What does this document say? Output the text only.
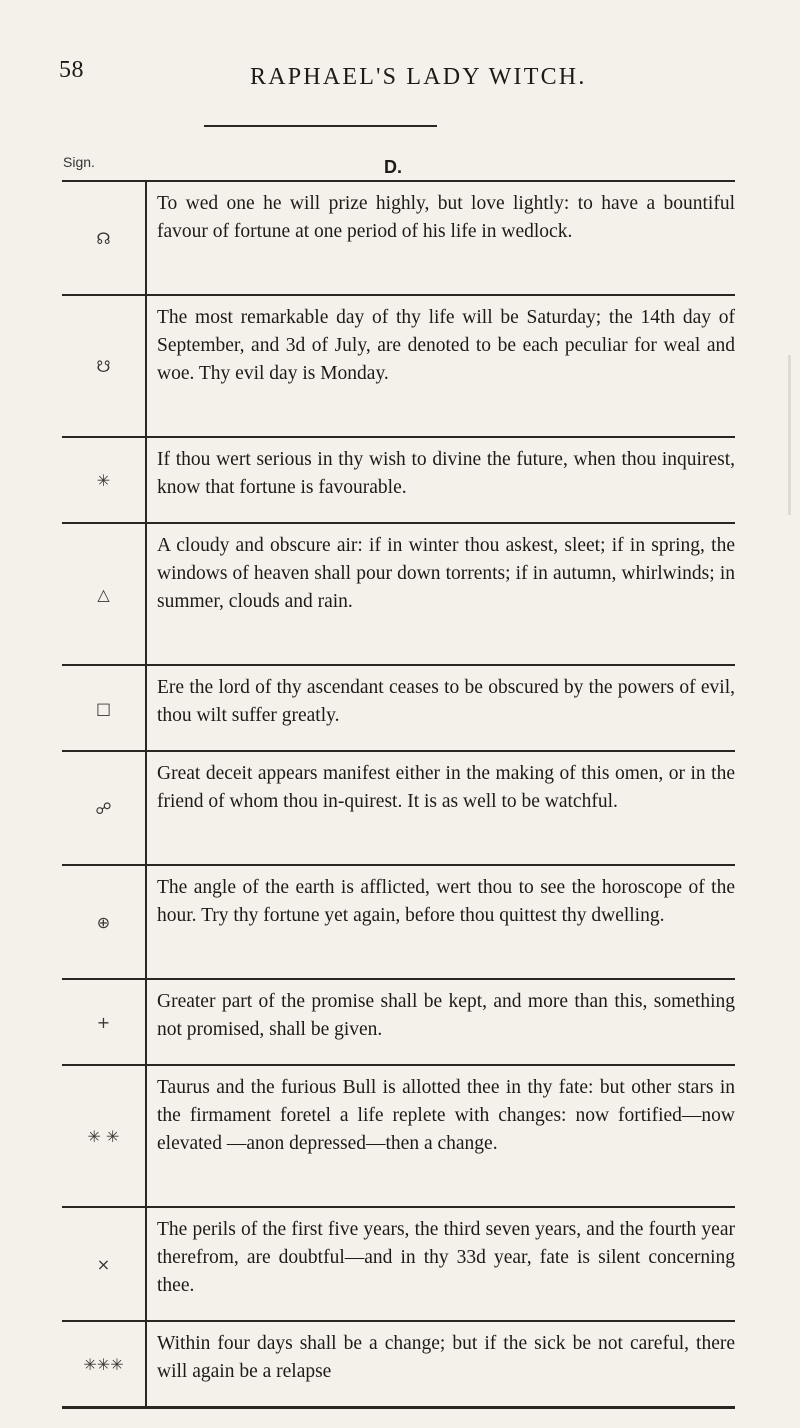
58	RAPHAEL'S LADY WITCH.
Sign.	D.
☊
To wed one he will prize highly, but love lightly: to have a bountiful favour of fortune at one period of his life in wedlock.
☋
The most remarkable day of thy life will be Saturday; the 14th day of September, and 3d of July, are denoted to be each peculiar for weal and woe. Thy evil day is Monday.
✳
If thou wert serious in thy wish to divine the future, when thou inquirest, know that fortune is favourable.
△
A cloudy and obscure air: if in winter thou askest, sleet; if in spring, the windows of heaven shall pour down torrents; if in autumn, whirlwinds; in summer, clouds and rain.
□
Ere the lord of thy ascendant ceases to be obscured by the powers of evil, thou wilt suffer greatly.
☍
Great deceit appears manifest either in the making of this omen, or in the friend of whom thou in-quirest. It is as well to be watchful.
⊕
The angle of the earth is afflicted, wert thou to see the horoscope of the hour. Try thy fortune yet again, before thou quittest thy dwelling.
+
Greater part of the promise shall be kept, and more than this, something not promised, shall be given.
✳ ✳
Taurus and the furious Bull is allotted thee in thy fate: but other stars in the firmament foretel a life replete with changes: now fortified—now elevated —anon depressed—then a change.
×
The perils of the first five years, the third seven years, and the fourth year therefrom, are doubtful—and in thy 33d year, fate is silent concerning thee.
✳✳✳
Within four days shall be a change; but if the sick be not careful, there will again be a relapse
